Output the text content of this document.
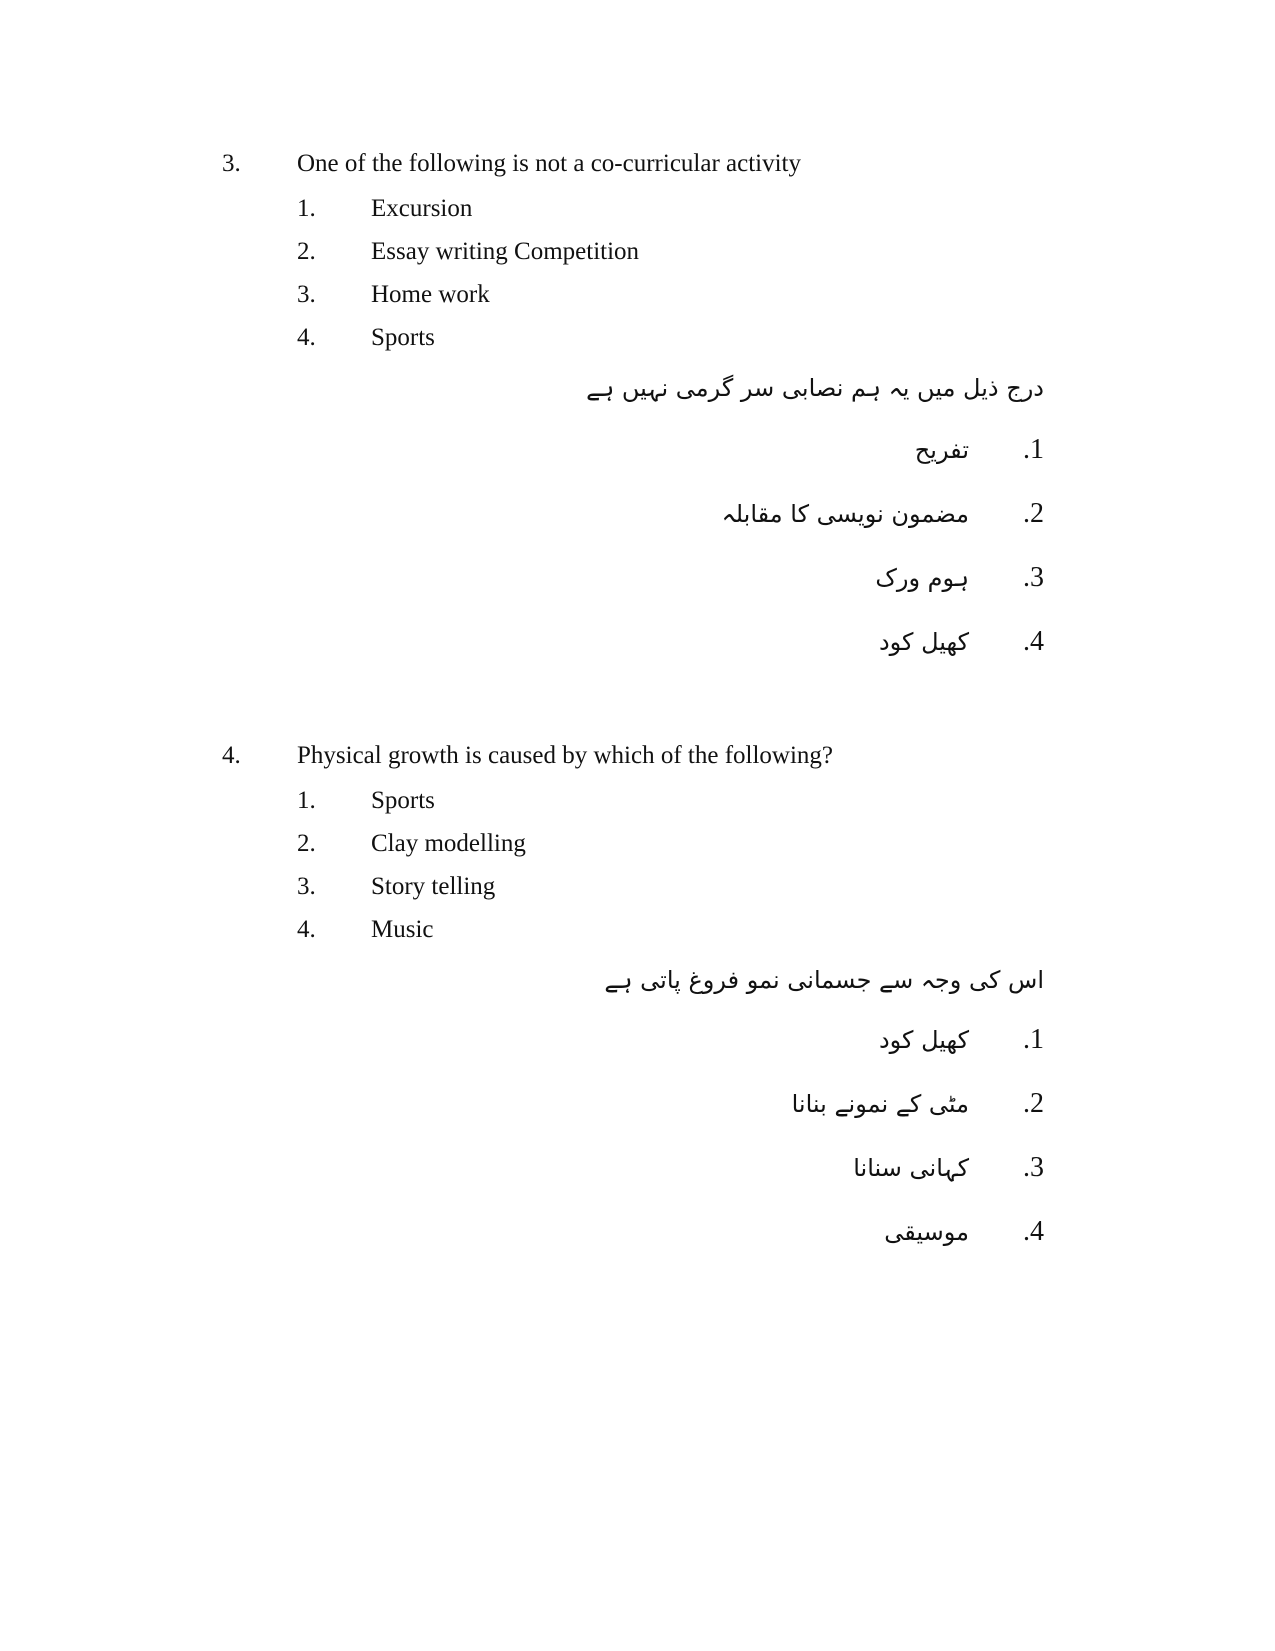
3. One of the following is not a co-curricular activity
1. Excursion
2. Essay writing Competition
3. Home work
4. Sports
درج ذیل میں یہ ہم نصابی سر گرمی نہیں ہے
.1
تفریح
.2
مضمون نویسی کا مقابلہ
.3
ہوم ورک
.4
کھیل کود
4. Physical growth is caused by which of the following?
1. Sports
2. Clay modelling
3. Story telling
4. Music
اس کی وجہ سے جسمانی نمو فروغ پاتی ہے
.1
کھیل کود
.2
مٹی کے نمونے بنانا
.3
کہانی سنانا
.4
موسیقی
